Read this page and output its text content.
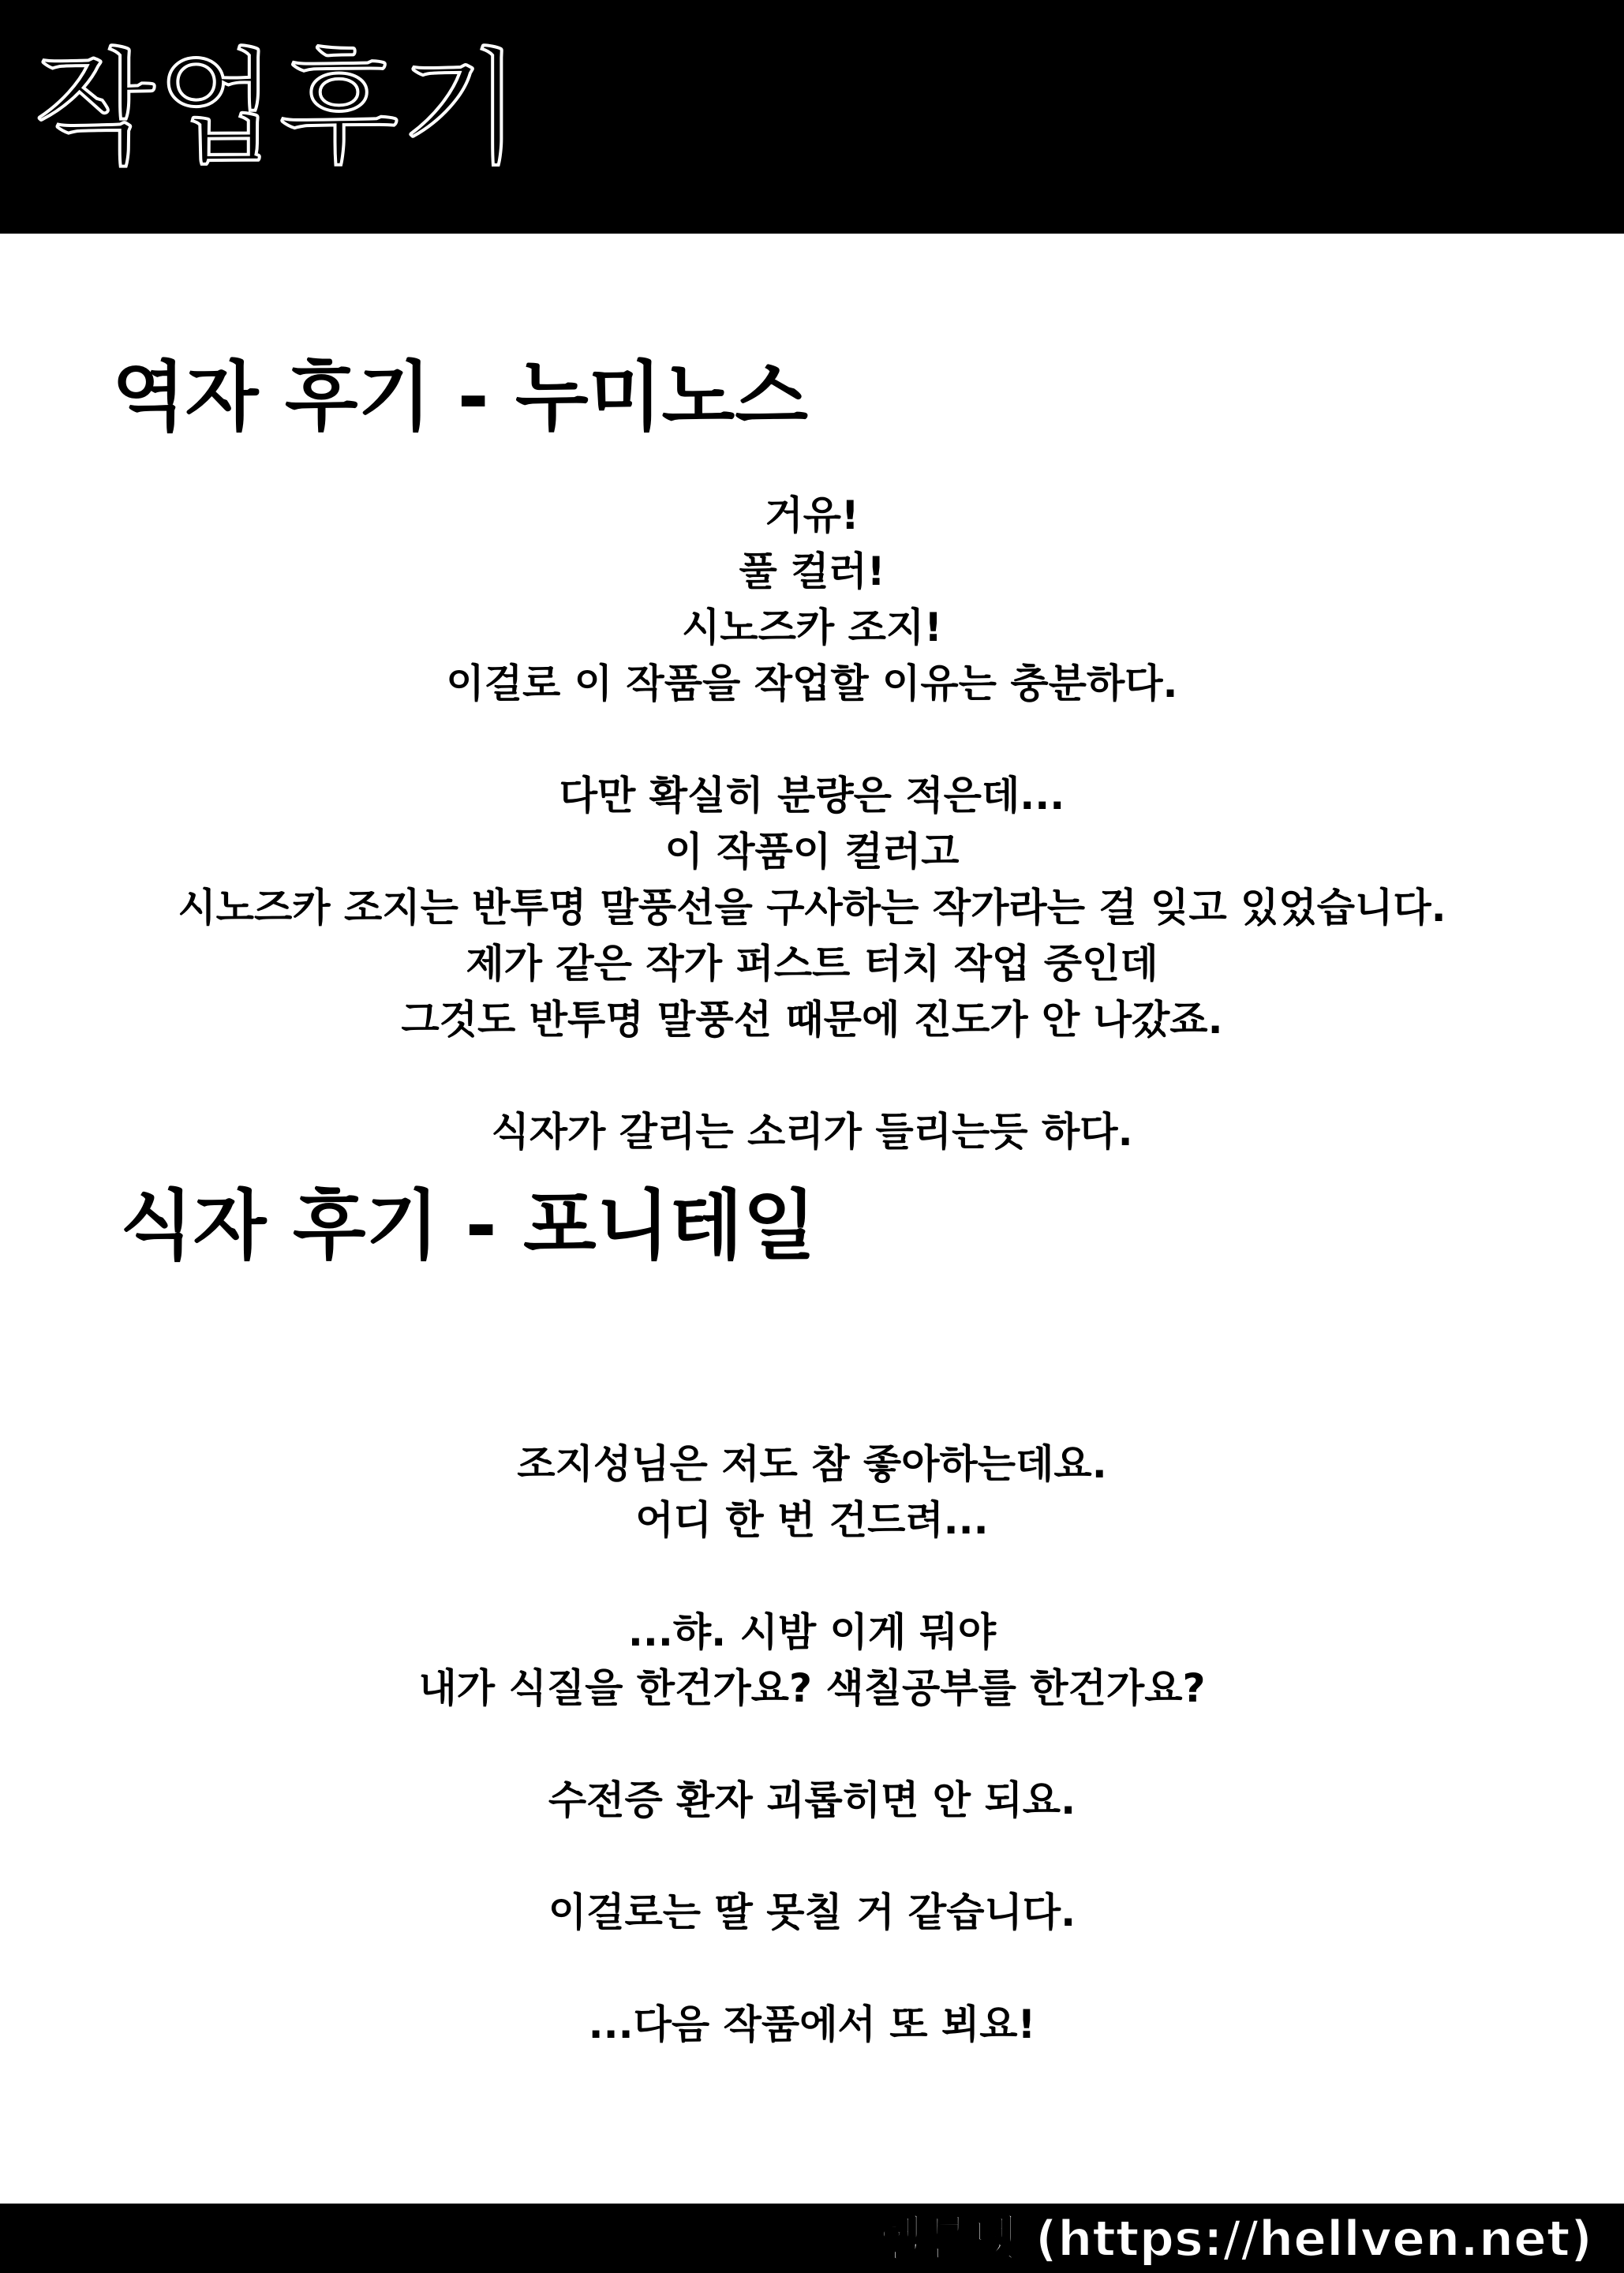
작업후기
역자 후기 - 누미노스
거유!
풀 컬러!
시노즈카 조지!
이걸로 이 작품을 작업할 이유는 충분하다.
다만 확실히 분량은 적은데...
이 작품이 컬러고
시노즈카 조지는 반투명 말풍선을 구사하는 작가라는 걸 잊고 있었습니다.
제가 같은 작가 퍼스트 터치 작업 중인데
그것도 반투명 말풍선 때문에 진도가 안 나갔죠.
식자가 갈리는 소리가 들리는듯 하다.
식자 후기 - 포니테일
조지성님은 저도 참 좋아하는데요.
어디 한 번 건드려...
...햐. 시밤 이게 뭐야
내가 식질을 한건가요? 색칠공부를 한건가요?
수전증 환자 괴롭히면 안 되요.
이걸로는 딸 못칠 거 같습니다.
...다음 작품에서 또 뵈요!
헬븐넷 (https://hellven.net)
